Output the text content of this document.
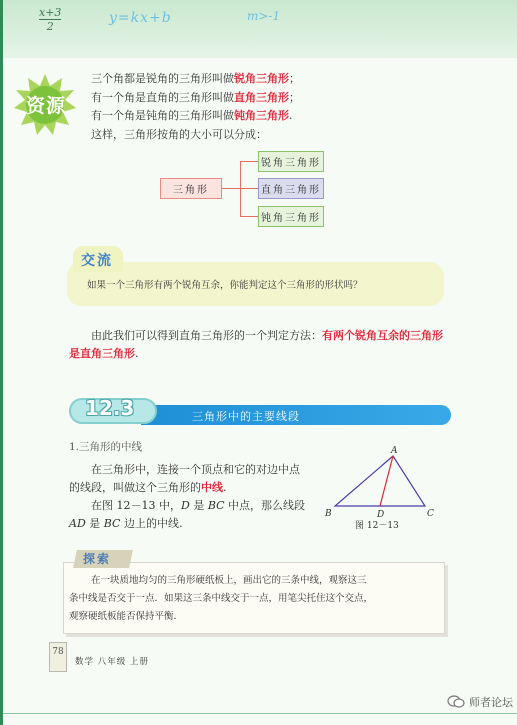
x+3
2
y=kx+b	m>-1
资源
三个角都是锐角的三角形叫做锐角三角形；
有一个角是直角的三角形叫做直角三角形；
有一个角是钝角的三角形叫做钝角三角形.
这样，三角形按角的大小可以分成：
三角形
锐角三角形
直角三角形
钝角三角形
交流
如果一个三角形有两个锐角互余，你能判定这个三角形的形状吗？
由此我们可以得到直角三角形的一个判定方法：有两个锐角互余的三角形
是直角三角形.
12.3	三角形中的主要线段
1.三角形的中线
在三角形中，连接一个顶点和它的对边中点
的线段，叫做这个三角形的中线.
在图 12－13 中，D 是 BC 中点，那么线段
AD 是 BC 边上的中线.
A
B	C
D
图 12－13
探索
在一块质地均匀的三角形硬纸板上，画出它的三条中线，观察这三
条中线是否交于一点．如果这三条中线交于一点，用笔尖托住这个交点，
观察硬纸板能否保持平衡．
78
数学 八年级 上册
师者论坛
